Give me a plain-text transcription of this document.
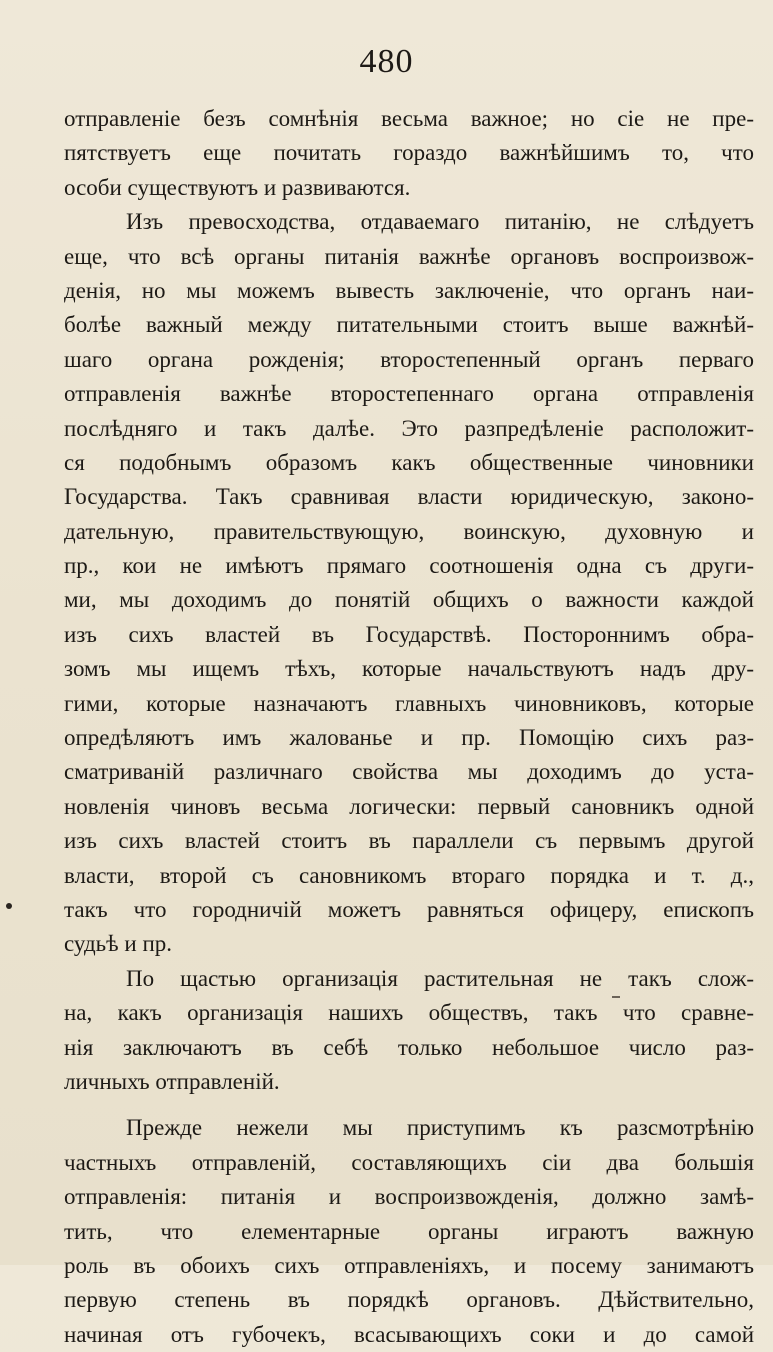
480
отправленіе безъ сомнѣнія весьма важное; но сіе не пре-
пятствуетъ еще почитать гораздо важнѣйшимъ то, что
особи существуютъ и развиваются.
Изъ превосходства, отдаваемаго питанію, не слѣдуетъ
еще, что всѣ органы питанія важнѣе органовъ воспроизвож-
денія, но мы можемъ вывесть заключеніе, что органъ наи-
болѣе важный между питательными стоитъ выше важнѣй-
шаго органа рожденія; второстепенный органъ перваго
отправленія важнѣе второстепеннаго органа отправленія
послѣдняго и такъ далѣе. Это разпредѣленіе расположит-
ся подобнымъ образомъ какъ общественные чиновники
Государства. Такъ сравнивая власти юридическую, законо-
дательную, правительствующую, воинскую, духовную и
пр., кои не имѣютъ прямаго соотношенія одна съ други-
ми, мы доходимъ до понятій общихъ о важности каждой
изъ сихъ властей въ Государствѣ. Постороннимъ обра-
зомъ мы ищемъ тѣхъ, которые начальствуютъ надъ дру-
гими, которые назначаютъ главныхъ чиновниковъ, которые
опредѣляютъ имъ жалованье и пр. Помощію сихъ раз-
сматриваній различнаго свойства мы доходимъ до уста-
новленія чиновъ весьма логически: первый сановникъ одной
изъ сихъ властей стоитъ въ параллели съ первымъ другой
власти, второй съ сановникомъ втораго порядка и т. д.,
такъ что городничій можетъ равняться офицеру, епископъ
судьѣ и пр.
По щастью организація растительная не такъ слож-
на, какъ организація нашихъ обществъ, такъ что сравне-
нія заключаютъ въ себѣ только небольшое число раз-
личныхъ отправленій.
Прежде нежели мы приступимъ къ разсмотрѣнію
частныхъ отправленій, составляющихъ сіи два большія
отправленія: питанія и воспроизвожденія, должно замѣ-
тить, что елементарные органы играютъ важную
роль въ обоихъ сихъ отправленіяхъ, и посему занимаютъ
первую степень въ порядкѣ органовъ. Дѣйствительно,
начиная отъ губочекъ, всасывающихъ соки и до самой
